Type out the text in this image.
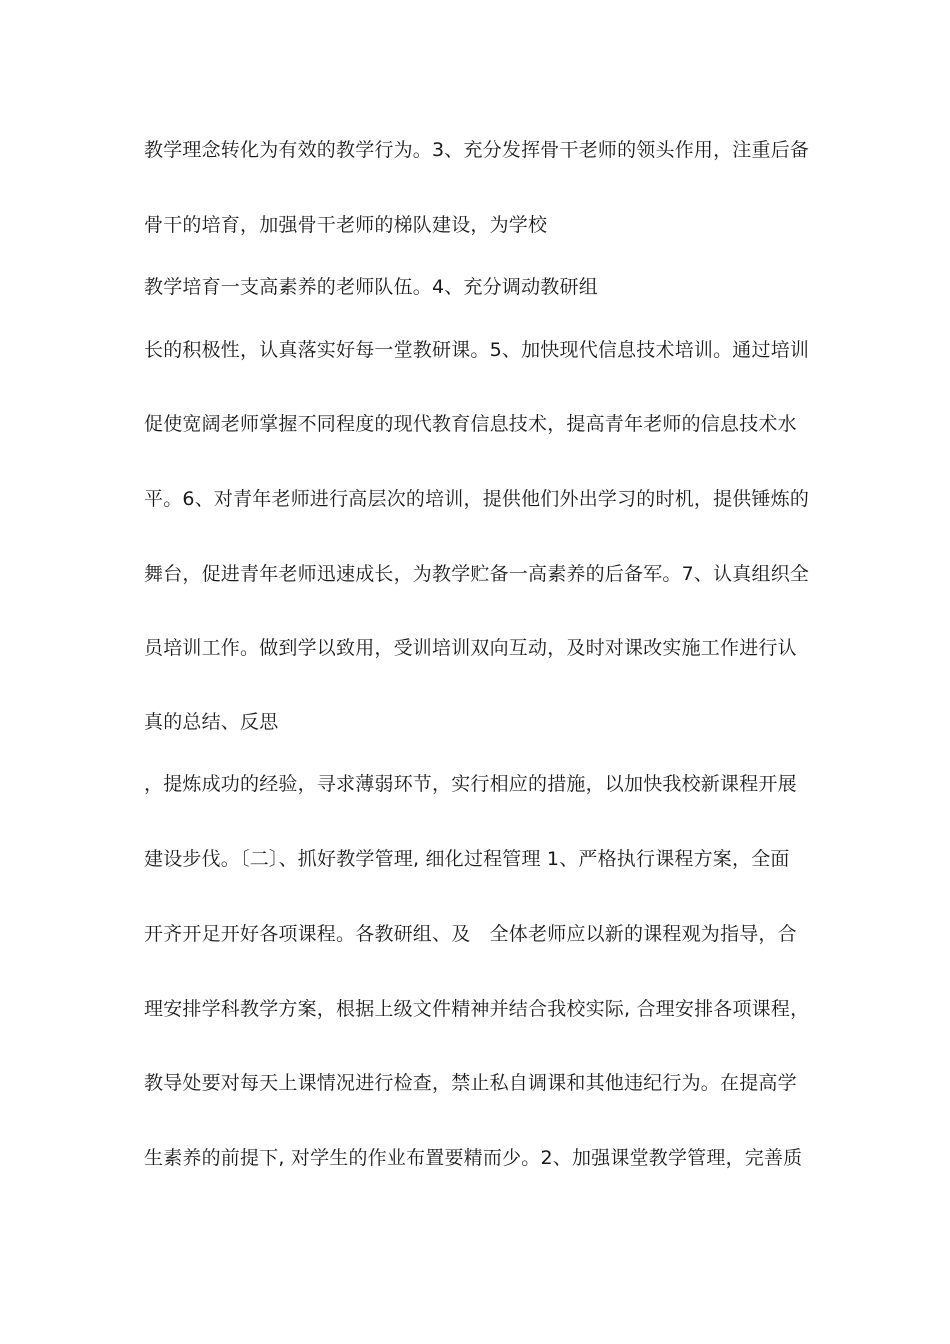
教学理念转化为有效的教学行为。3、充分发挥骨干老师的领头作用，注重后备
骨干的培育，加强骨干老师的梯队建设，为学校
教学培育一支高素养的老师队伍。4、充分调动教研组
长的积极性，认真落实好每一堂教研课。5、加快现代信息技术培训。通过培训
促使宽阔老师掌握不同程度的现代教育信息技术，提高青年老师的信息技术水
平。6、对青年老师进行高层次的培训，提供他们外出学习的时机，提供锤炼的
舞台，促进青年老师迅速成长，为教学贮备一高素养的后备军。7、认真组织全
员培训工作。做到学以致用，受训培训双向互动，及时对课改实施工作进行认
真的总结、反思
，提炼成功的经验，寻求薄弱环节，实行相应的措施，以加快我校新课程开展
建设步伐。〔二〕、抓好教学管理, 细化过程管理 1、严格执行课程方案，全面
开齐开足开好各项课程。各教研组、及　全体老师应以新的课程观为指导，合
理安排学科教学方案，根据上级文件精神并结合我校实际, 合理安排各项课程，
教导处要对每天上课情况进行检查，禁止私自调课和其他违纪行为。在提高学
生素养的前提下, 对学生的作业布置要精而少。2、加强课堂教学管理，完善质
